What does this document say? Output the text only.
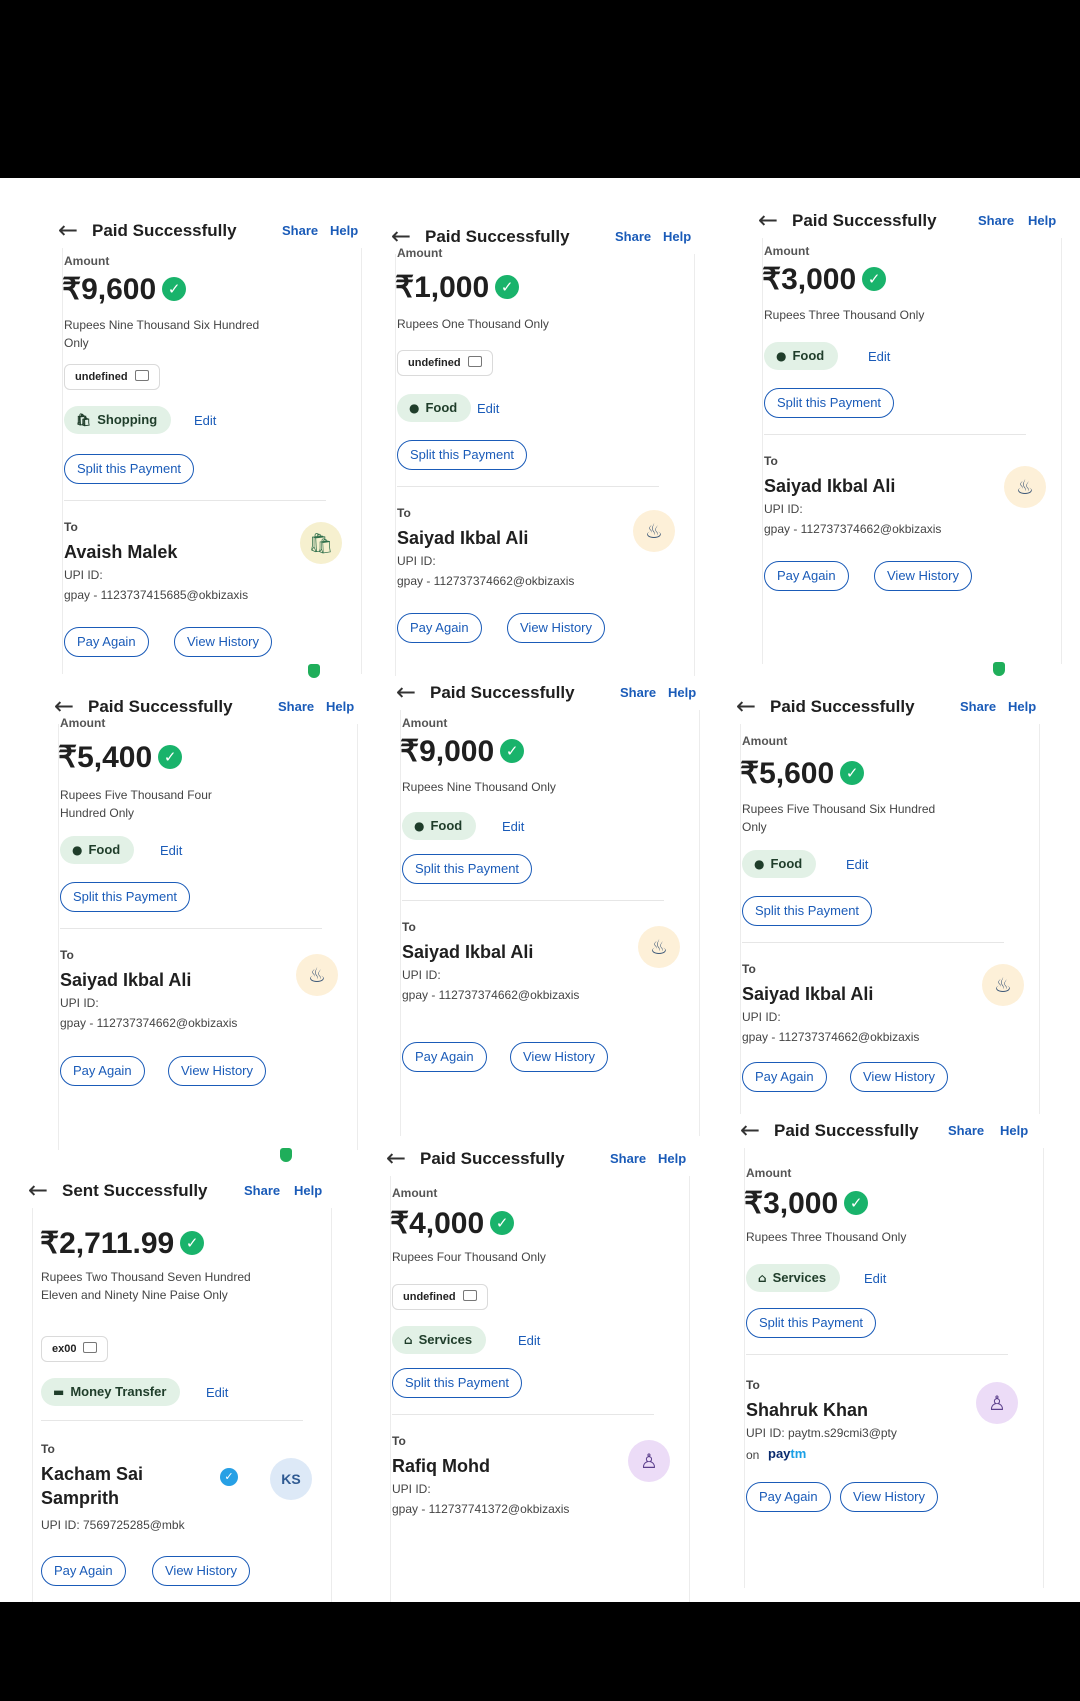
← Paid Successfully	Share Help
Amount
₹9,600 ✓
Rupees Nine Thousand Six Hundred Only
undefined
🛍 Shopping	Edit
Split this Payment
To
Avaish Malek
UPI ID:
gpay - 1123737415685@okbizaxis
🛍
Pay Again	View History
← Paid Successfully	Share Help
Amount
₹1,000 ✓
Rupees One Thousand Only
undefined
● Food	Edit
Split this Payment
To
Saiyad Ikbal Ali
UPI ID:
gpay - 112737374662@okbizaxis
♨
Pay Again	View History
← Paid Successfully	Share Help
Amount
₹3,000 ✓
Rupees Three Thousand Only
● Food	Edit
Split this Payment
To
Saiyad Ikbal Ali
UPI ID:
gpay - 112737374662@okbizaxis
♨
Pay Again	View History
← Paid Successfully	Share Help
Amount
₹5,400 ✓
Rupees Five Thousand Four Hundred Only
● Food	Edit
Split this Payment
To
Saiyad Ikbal Ali
UPI ID:
gpay - 112737374662@okbizaxis
♨
Pay Again	View History
← Paid Successfully	Share Help
Amount
₹9,000 ✓
Rupees Nine Thousand Only
● Food	Edit
Split this Payment
To
Saiyad Ikbal Ali
UPI ID:
gpay - 112737374662@okbizaxis
♨
Pay Again	View History
← Paid Successfully	Share Help
Amount
₹5,600 ✓
Rupees Five Thousand Six Hundred Only
● Food	Edit
Split this Payment
To
Saiyad Ikbal Ali
UPI ID:
gpay - 112737374662@okbizaxis
♨
Pay Again	View History
← Sent Successfully	Share Help
₹2,711.99 ✓
Rupees Two Thousand Seven Hundred Eleven and Ninety Nine Paise Only
ex00
▬ Money Transfer	Edit
To
Kacham Sai Samprith
✓	KS
UPI ID: 7569725285@mbk
Pay Again	View History
← Paid Successfully	Share Help
Amount
₹4,000 ✓
Rupees Four Thousand Only
undefined
⌂ Services	Edit
Split this Payment
To
Rafiq Mohd
UPI ID:
gpay - 112737741372@okbizaxis
♙
← Paid Successfully Share Help
Amount
₹3,000 ✓
Rupees Three Thousand Only
⌂ Services	Edit
Split this Payment
To
Shahruk Khan
UPI ID: paytm.s29cmi3@pty
on paytm
♙
Pay Again	View History
